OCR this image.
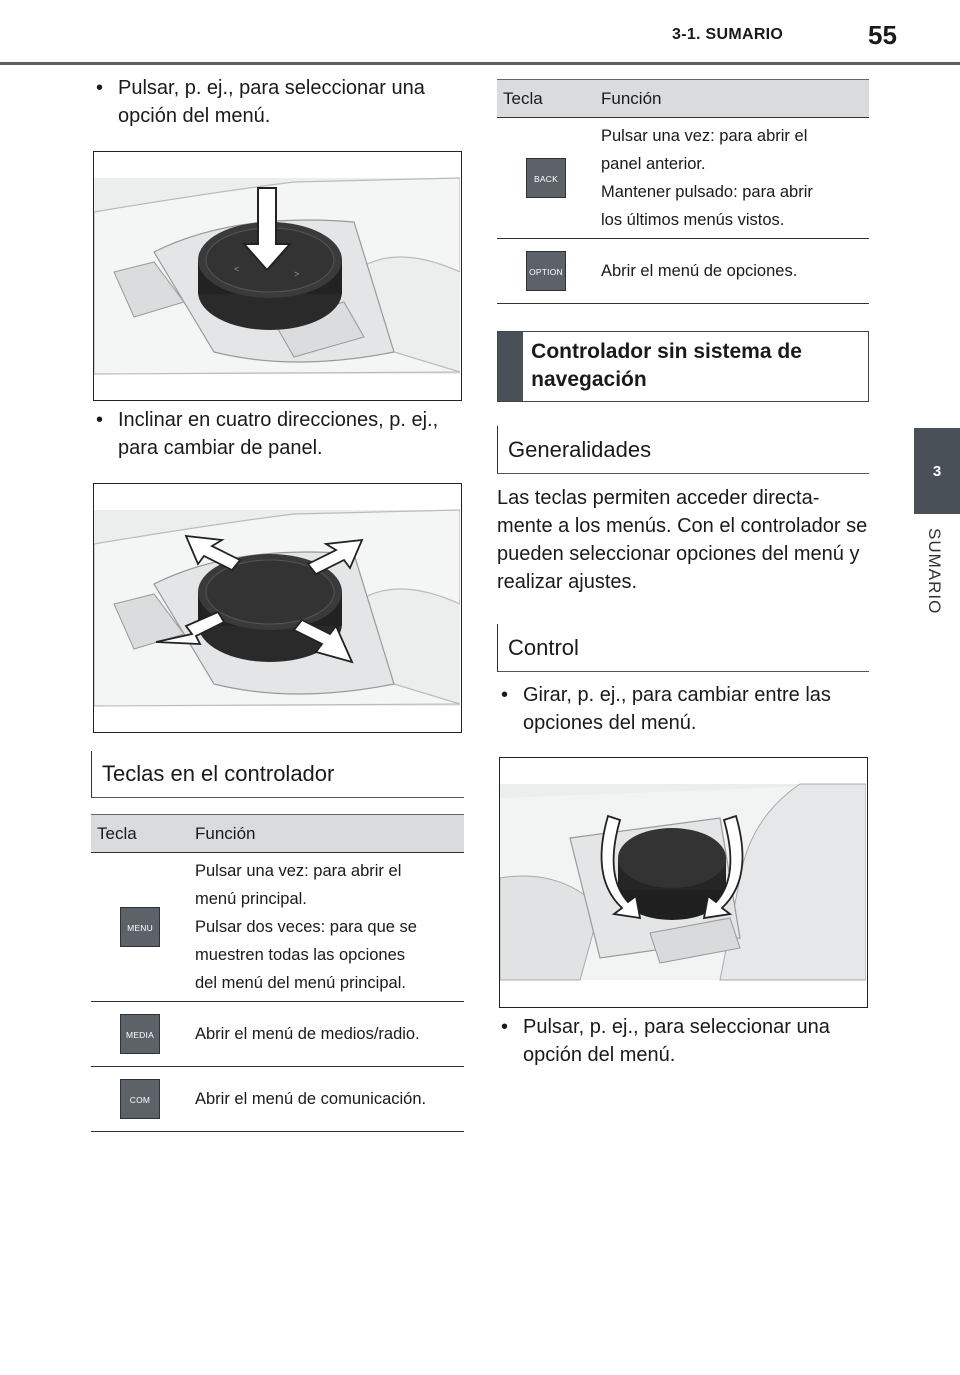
3-1. SUMARIO	55
3
SUMARIO
• Pulsar, p. ej., para seleccionar una opción del menú.
<	>
• Inclinar en cuatro direcciones, p. ej., para cambiar de panel.
Teclas en el controlador
Tecla	Función
MENU	Pulsar una vez: para abrir el
menú principal.
Pulsar dos veces: para que se
muestren todas las opciones
del menú del menú principal.

MEDIA	Abrir el menú de medios/radio.

COM	Abrir el menú de comunicación.
Tecla	Función
BACK	Pulsar una vez: para abrir el
panel anterior.
Mantener pulsado: para abrir
los últimos menús vistos.

OPTION	Abrir el menú de opciones.
Controlador sin sistema de navegación
Generalidades
Las teclas permiten acceder directa-mente a los menús. Con el controlador se pueden seleccionar opciones del menú y realizar ajustes.
Control
• Girar, p. ej., para cambiar entre las opciones del menú.
• Pulsar, p. ej., para seleccionar una opción del menú.
